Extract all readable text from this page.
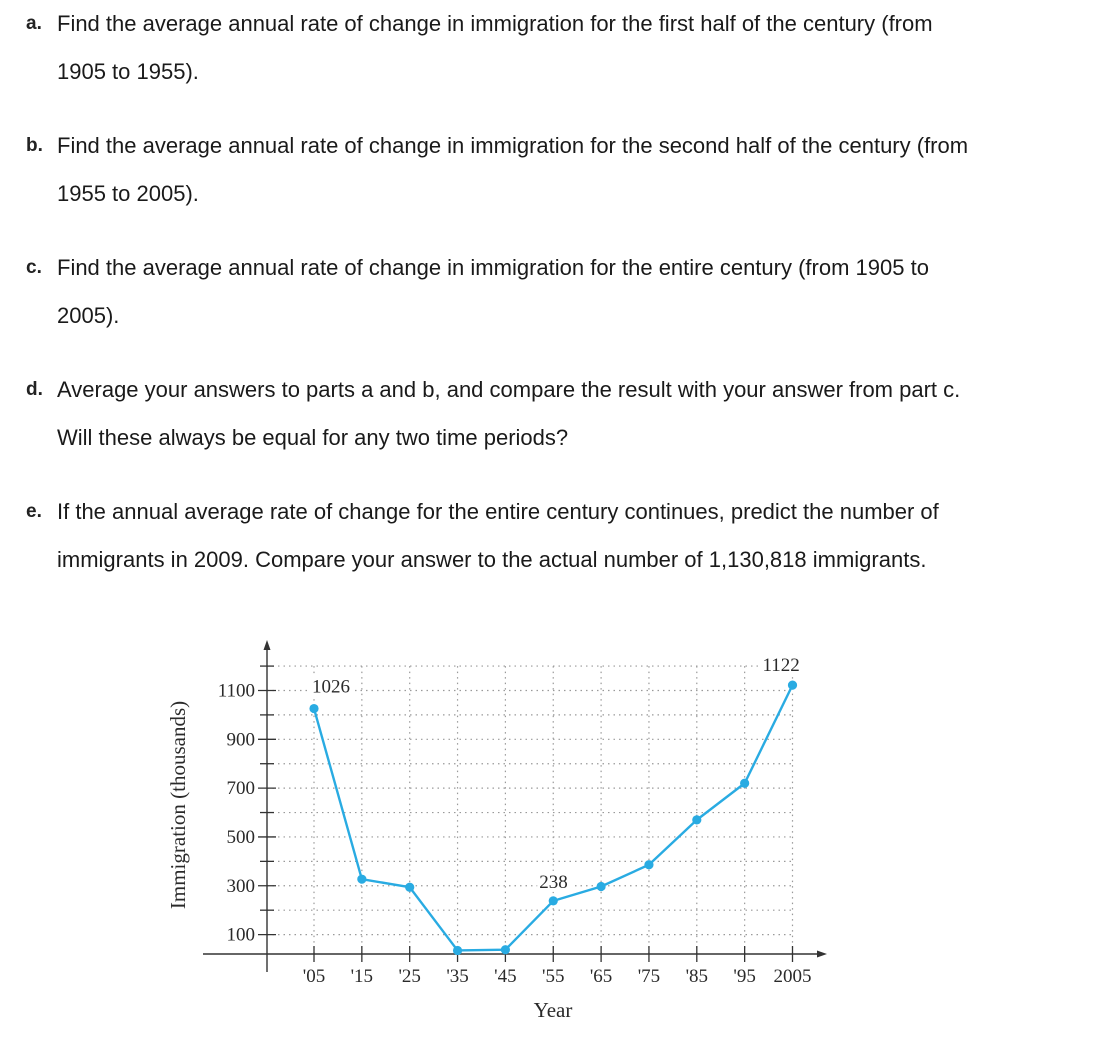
a. Find the average annual rate of change in immigration for the first half of the century (from
1905 to 1955).
b. Find the average annual rate of change in immigration for the second half of the century (from
1955 to 2005).
c. Find the average annual rate of change in immigration for the entire century (from 1905 to
2005).
d. Average your answers to parts a and b, and compare the result with your answer from part c.
Will these always be equal for any two time periods?
e. If the annual average rate of change for the entire century continues, predict the number of
immigrants in 2009. Compare your answer to the actual number of 1,130,818 immigrants.
100
300
500
700
900
1100
'05 '15 '25 '35 '45 '55 '65 '75 '85 '95 2005
1026
238
1122
Immigration (thousands)
Year
